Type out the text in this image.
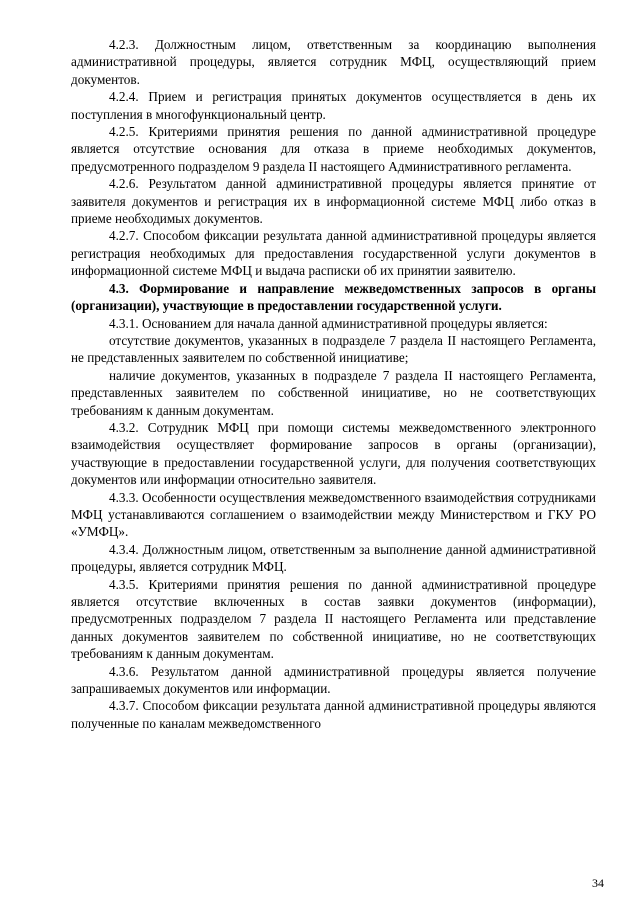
4.2.3. Должностным лицом, ответственным за координацию выполнения административной процедуры, является сотрудник МФЦ, осуществляющий прием документов.

4.2.4. Прием и регистрация принятых документов осуществляется в день их поступления в многофункциональный центр.

4.2.5. Критериями принятия решения по данной административной процедуре является отсутствие основания для отказа в приеме необходимых документов, предусмотренного подразделом 9 раздела II настоящего Административного регламента.

4.2.6. Результатом данной административной процедуры является принятие от заявителя документов и регистрация их в информационной системе МФЦ либо отказ в приеме необходимых документов.

4.2.7. Способом фиксации результата данной административной процедуры является регистрация необходимых для предоставления государственной услуги документов в информационной системе МФЦ и выдача расписки об их принятии заявителю.

4.3. Формирование и направление межведомственных запросов в органы (организации), участвующие в предоставлении государственной услуги.

4.3.1. Основанием для начала данной административной процедуры является:

отсутствие документов, указанных в подразделе 7 раздела II настоящего Регламента, не представленных заявителем по собственной инициативе;

наличие документов, указанных в подразделе 7 раздела II настоящего Регламента, представленных заявителем по собственной инициативе, но не соответствующих требованиям к данным документам.

4.3.2. Сотрудник МФЦ при помощи системы межведомственного электронного взаимодействия осуществляет формирование запросов в органы (организации), участвующие в предоставлении государственной услуги, для получения соответствующих документов или информации относительно заявителя.

4.3.3. Особенности осуществления межведомственного взаимодействия сотрудниками МФЦ устанавливаются соглашением о взаимодействии между Министерством и ГКУ РО «УМФЦ».

4.3.4. Должностным лицом, ответственным за выполнение данной административной процедуры, является сотрудник МФЦ.

4.3.5. Критериями принятия решения по данной административной процедуре является отсутствие включенных в состав заявки документов (информации), предусмотренных подразделом 7 раздела II настоящего Регламента или представление данных документов заявителем по собственной инициативе, но не соответствующих требованиям к данным документам.

4.3.6. Результатом данной административной процедуры является получение запрашиваемых документов или информации.

4.3.7. Способом фиксации результата данной административной процедуры являются полученные по каналам межведомственного

34
